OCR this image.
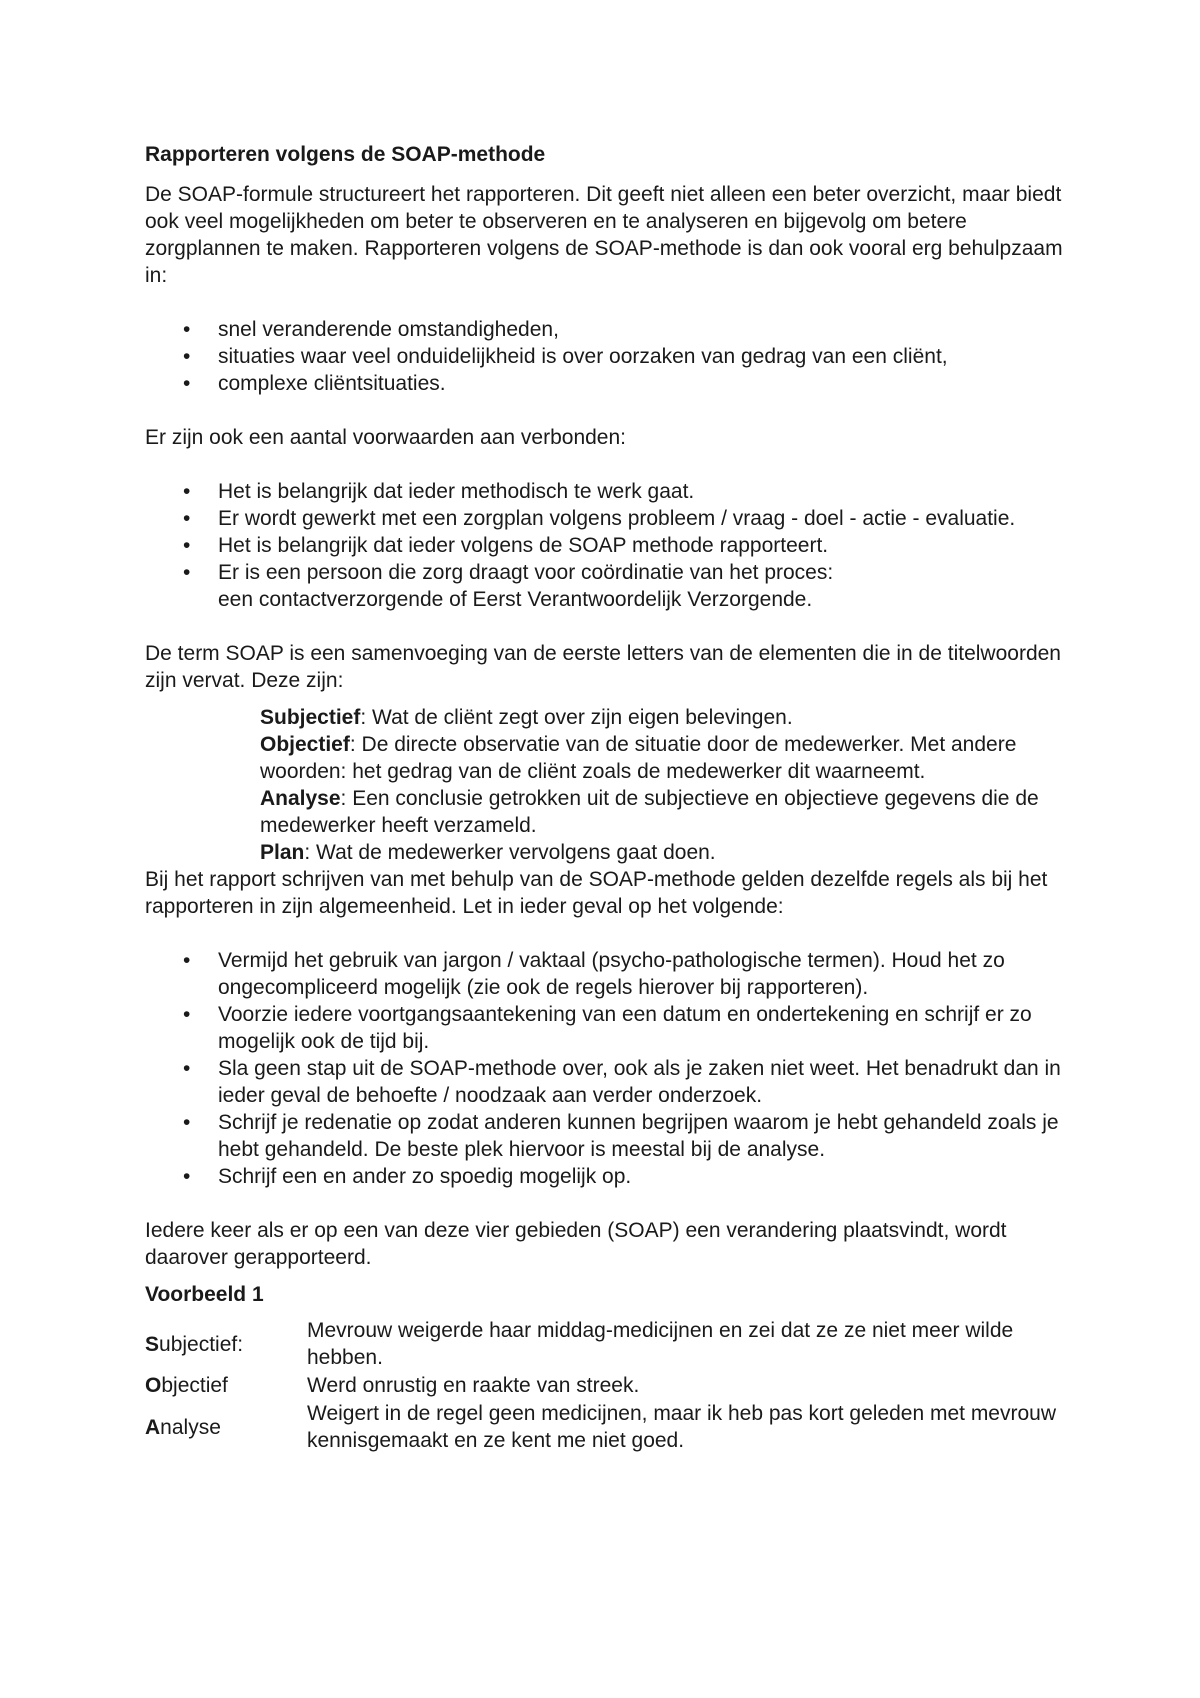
Rapporteren volgens de SOAP-methode

De SOAP-formule structureert het rapporteren. Dit geeft niet alleen een beter overzicht, maar biedt ook veel mogelijkheden om beter te observeren en te analyseren en bijgevolg om betere zorgplannen te maken. Rapporteren volgens de SOAP-methode is dan ook vooral erg behulpzaam in:

• snel veranderende omstandigheden,
• situaties waar veel onduidelijkheid is over oorzaken van gedrag van een cliënt,
• complexe cliëntsituaties.

Er zijn ook een aantal voorwaarden aan verbonden:

• Het is belangrijk dat ieder methodisch te werk gaat.
• Er wordt gewerkt met een zorgplan volgens probleem / vraag - doel - actie - evaluatie.
• Het is belangrijk dat ieder volgens de SOAP methode rapporteert.
• Er is een persoon die zorg draagt voor coördinatie van het proces:
een contactverzorgende of Eerst Verantwoordelijk Verzorgende.

De term SOAP is een samenvoeging van de eerste letters van de elementen die in de titelwoorden zijn vervat. Deze zijn:

Subjectief: Wat de cliënt zegt over zijn eigen belevingen.

Objectief: De directe observatie van de situatie door de medewerker. Met andere woorden: het gedrag van de cliënt zoals de medewerker dit waarneemt.

Analyse: Een conclusie getrokken uit de subjectieve en objectieve gegevens die de medewerker heeft verzameld.

Plan: Wat de medewerker vervolgens gaat doen.

Bij het rapport schrijven van met behulp van de SOAP-methode gelden dezelfde regels als bij het rapporteren in zijn algemeenheid. Let in ieder geval op het volgende:

• Vermijd het gebruik van jargon / vaktaal (psycho-pathologische termen). Houd het zo ongecompliceerd mogelijk (zie ook de regels hierover bij rapporteren).
• Voorzie iedere voortgangsaantekening van een datum en ondertekening en schrijf er zo mogelijk ook de tijd bij.
• Sla geen stap uit de SOAP-methode over, ook als je zaken niet weet. Het benadrukt dan in ieder geval de behoefte / noodzaak aan verder onderzoek.
• Schrijf je redenatie op zodat anderen kunnen begrijpen waarom je hebt gehandeld zoals je hebt gehandeld. De beste plek hiervoor is meestal bij de analyse.
• Schrijf een en ander zo spoedig mogelijk op.

Iedere keer als er op een van deze vier gebieden (SOAP) een verandering plaatsvindt, wordt daarover gerapporteerd.

Voorbeeld 1
S ubjectief:
Mevrouw weigerde haar middag-medicijnen en zei dat ze ze niet meer wilde hebben.
O bjectief	Werd onrustig en raakte van streek.
A nalyse
Weigert in de regel geen medicijnen, maar ik heb pas kort geleden met mevrouw kennisgemaakt en ze kent me niet goed.
